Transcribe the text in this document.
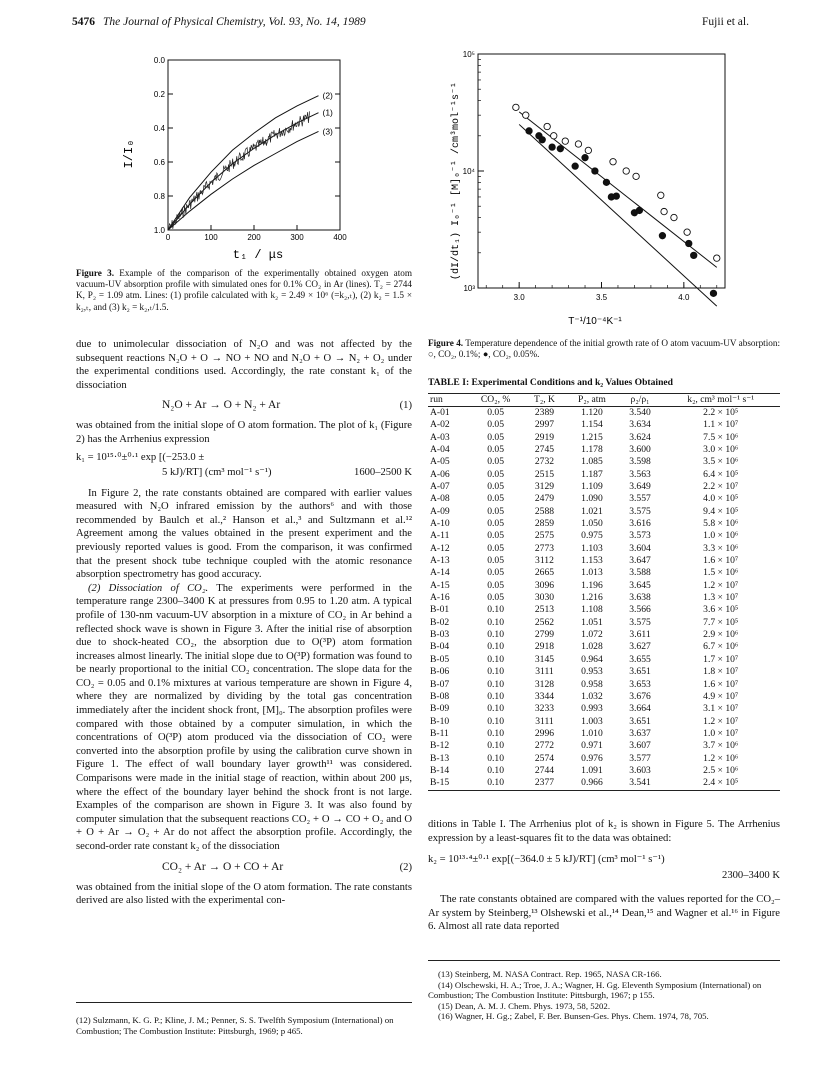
5476 The Journal of Physical Chemistry, Vol. 93, No. 14, 1989	Fujii et al.
(2)
(1)
(3)
0.0
0.2
0.4
0.6
0.8
1.0
0	100	200	300	400
I/I₀
t₁ / μs
Figure 3. Example of the comparison of the experimentally obtained oxygen atom vacuum-UV absorption profile with simulated ones for 0.1% CO₂ in Ar (lines). T₂ = 2744 K, P₂ = 1.09 atm. Lines: (1) profile calculated with k₂ = 2.49 × 10⁶ (=k₂,ₜ), (2) k₂ = 1.5 × k₂,ₜ, and (3) k₂ = k₂,ₜ/1.5.

due to unimolecular dissociation of N₂O and was not affected by the subsequent reactions N₂O + O → NO + NO and N₂O + O → N₂ + O₂ under the experimental conditions used. Accordingly, the rate constant k₁ of the dissociation

N₂O + Ar → O + N₂ + Ar	(1)

was obtained from the initial slope of O atom formation. The plot of k₁ (Figure 2) has the Arrhenius expression

k₁ = 10¹⁵·⁰±⁰·¹ exp [(−253.0 ±
5 kJ)/RT] (cm³ mol⁻¹ s⁻¹)	1600–2500 K

In Figure 2, the rate constants obtained are compared with earlier values measured with N₂O infrared emission by the authors⁶ and with those recommended by Baulch et al.,² Hanson et al.,³ and Sultzmann et al.¹² Agreement among the values obtained in the present experiment and the previously reported values is good. From the comparison, it was confirmed that the present shock tube technique coupled with the atomic resonance absorption spectrometry has good accuracy.

(2) Dissociation of CO₂. The experiments were performed in the temperature range 2300–3400 K at pressures from 0.95 to 1.20 atm. A typical profile of 130-nm vacuum-UV absorption in a mixture of CO₂ in Ar behind a reflected shock wave is shown in Figure 3. After the initial rise of absorption due to shock-heated CO₂, the absorption due to O(³P) atom formation increases almost linearly. The initial slope due to O(³P) formation was found to be nearly proportional to the initial CO₂ concentration. The slope data for the CO₂ = 0.05 and 0.1% mixtures at various temperature are shown in Figure 4, where they are normalized by dividing by the total gas concentration immediately after the incident shock front, [M]₀. The absorption profiles were compared with those obtained by a computer simulation, in which the concentrations of O(³P) atom produced via the dissociation of CO₂ were converted into the absorption profile by using the calibration curve shown in Figure 1. The effect of wall boundary layer growth¹¹ was considered. Comparisons were made in the initial stage of reaction, within about 200 μs, where the effect of the boundary layer behind the shock front is not large. Examples of the comparison are shown in Figure 3. It was also found by computer simulation that the subsequent reactions CO₂ + O → CO + O₂ and O + O + Ar → O₂ + Ar do not affect the absorption profile. Accordingly, the second-order rate constant k₂ of the dissociation

CO₂ + Ar → O + CO + Ar	(2)

was obtained from the initial slope of the O atom formation. The rate constants derived are also listed with the experimental con-

(12) Sulzmann, K. G. P.; Kline, J. M.; Penner, S. S. Twelfth Symposium (International) on Combustion; The Combustion Institute: Pittsburgh, 1969; p 465.
10³
10⁴
10⁵
3.0	3.5	4.0
(dI/dt₁) I₀⁻¹ [M]₀⁻¹ /cm³mol⁻¹s⁻¹
T⁻¹/10⁻⁴K⁻¹
Figure 4. Temperature dependence of the initial growth rate of O atom vacuum-UV absorption: ○, CO₂, 0.1%; ●, CO₂, 0.05%.
TABLE I: Experimental Conditions and k₂ Values Obtained
run	CO₂, %	T₂, K	P₂, atm	ρ₂/ρ₁	k₂, cm³ mol⁻¹ s⁻¹
A-01	0.05	2389	1.120	3.540	2.2 × 10⁵
A-02	0.05	2997	1.154	3.634	1.1 × 10⁷
A-03	0.05	2919	1.215	3.624	7.5 × 10⁶
A-04	0.05	2745	1.178	3.600	3.0 × 10⁶
A-05	0.05	2732	1.085	3.598	3.5 × 10⁶
A-06	0.05	2515	1.187	3.563	6.4 × 10⁵
A-07	0.05	3129	1.109	3.649	2.2 × 10⁷
A-08	0.05	2479	1.090	3.557	4.0 × 10⁵
A-09	0.05	2588	1.021	3.575	9.4 × 10⁵
A-10	0.05	2859	1.050	3.616	5.8 × 10⁶
A-11	0.05	2575	0.975	3.573	1.0 × 10⁶
A-12	0.05	2773	1.103	3.604	3.3 × 10⁶
A-13	0.05	3112	1.153	3.647	1.6 × 10⁷
A-14	0.05	2665	1.013	3.588	1.5 × 10⁶
A-15	0.05	3096	1.196	3.645	1.2 × 10⁷
A-16	0.05	3030	1.216	3.638	1.3 × 10⁷
B-01	0.10	2513	1.108	3.566	3.6 × 10⁵
B-02	0.10	2562	1.051	3.575	7.7 × 10⁵
B-03	0.10	2799	1.072	3.611	2.9 × 10⁶
B-04	0.10	2918	1.028	3.627	6.7 × 10⁶
B-05	0.10	3145	0.964	3.655	1.7 × 10⁷
B-06	0.10	3111	0.953	3.651	1.8 × 10⁷
B-07	0.10	3128	0.958	3.653	1.6 × 10⁷
B-08	0.10	3344	1.032	3.676	4.9 × 10⁷
B-09	0.10	3233	0.993	3.664	3.1 × 10⁷
B-10	0.10	3111	1.003	3.651	1.2 × 10⁷
B-11	0.10	2996	1.010	3.637	1.0 × 10⁷
B-12	0.10	2772	0.971	3.607	3.7 × 10⁶
B-13	0.10	2574	0.976	3.577	1.2 × 10⁶
B-14	0.10	2744	1.091	3.603	2.5 × 10⁶
B-15	0.10	2377	0.966	3.541	2.4 × 10⁵

ditions in Table I. The Arrhenius plot of k₂ is shown in Figure 5. The Arrhenius expression by a least-squares fit to the data was obtained:

k₂ = 10¹³·⁴±⁰·¹ exp[(−364.0 ± 5 kJ)/RT] (cm³ mol⁻¹ s⁻¹)
2300–3400 K

The rate constants obtained are compared with the values reported for the CO₂–Ar system by Steinberg,¹³ Olshewski et al.,¹⁴ Dean,¹⁵ and Wagner et al.¹⁶ in Figure 6. Almost all rate data reported

(13) Steinberg, M. NASA Contract. Rep. 1965, NASA CR-166.
(14) Olschewski, H. A.; Troe, J. A.; Wagner, H. Gg. Eleventh Symposium (International) on Combustion; The Combustion Institute: Pittsburgh, 1967; p 155.
(15) Dean, A. M. J. Chem. Phys. 1973, 58, 5202.
(16) Wagner, H. Gg.; Zabel, F. Ber. Bunsen-Ges. Phys. Chem. 1974, 78, 705.
